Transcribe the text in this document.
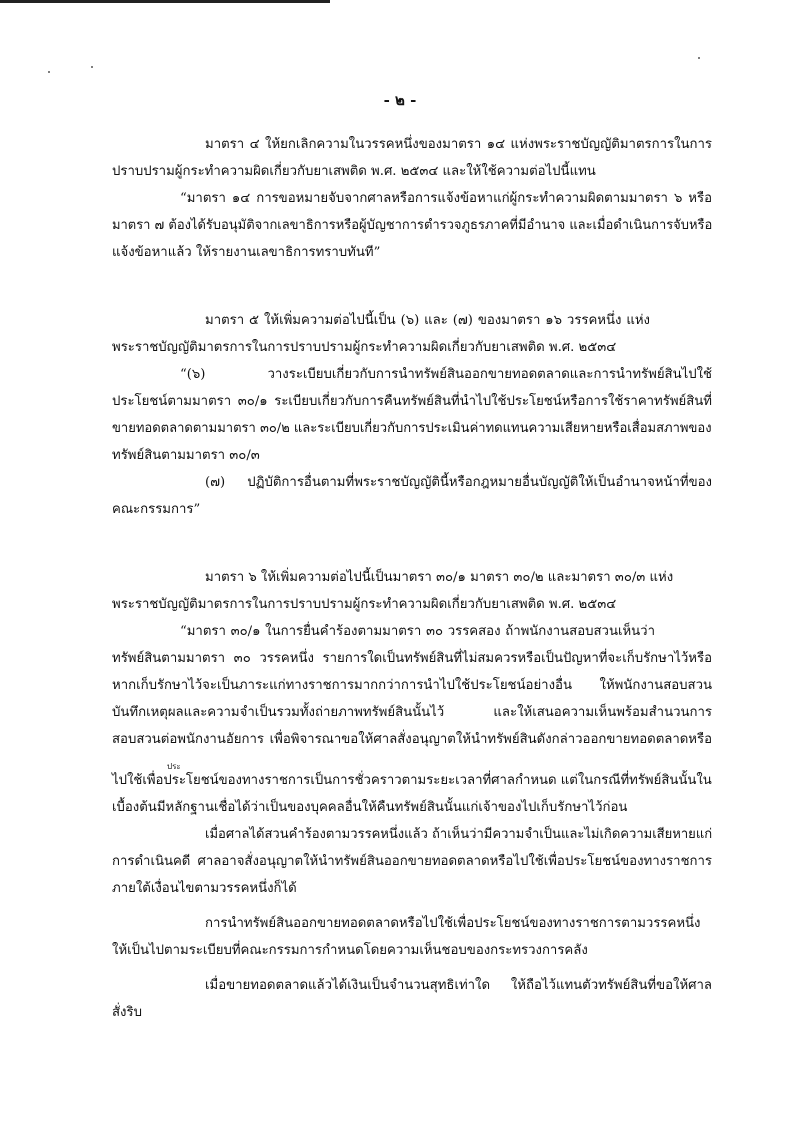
- ๒ -
มาตรา ๔ ให้ยกเลิกความในวรรคหนึ่งของมาตรา ๑๔ แห่งพระราชบัญญัติมาตรการในการ
ปราบปรามผู้กระทำความผิดเกี่ยวกับยาเสพติด พ.ศ. ๒๕๓๔ และให้ใช้ความต่อไปนี้แทน
“มาตรา ๑๔ การขอหมายจับจากศาลหรือการแจ้งข้อหาแก่ผู้กระทำความผิดตามมาตรา ๖ หรือ
มาตรา ๗ ต้องได้รับอนุมัติจากเลขาธิการหรือผู้บัญชาการตำรวจภูธรภาคที่มีอำนาจ และเมื่อดำเนินการจับหรือ
แจ้งข้อหาแล้ว ให้รายงานเลขาธิการทราบทันที”
มาตรา ๕ ให้เพิ่มความต่อไปนี้เป็น (๖) และ (๗) ของมาตรา ๑๖ วรรคหนึ่ง แห่ง
พระราชบัญญัติมาตรการในการปราบปรามผู้กระทำความผิดเกี่ยวกับยาเสพติด พ.ศ. ๒๕๓๔
“(๖) วางระเบียบเกี่ยวกับการนำทรัพย์สินออกขายทอดตลาดและการนำทรัพย์สินไปใช้
ประโยชน์ตามมาตรา ๓๐/๑ ระเบียบเกี่ยวกับการคืนทรัพย์สินที่นำไปใช้ประโยชน์หรือการใช้ราคาทรัพย์สินที่
ขายทอดตลาดตามมาตรา ๓๐/๒ และระเบียบเกี่ยวกับการประเมินค่าทดแทนความเสียหายหรือเสื่อมสภาพของ
ทรัพย์สินตามมาตรา ๓๐/๓
(๗) ปฏิบัติการอื่นตามที่พระราชบัญญัตินี้หรือกฎหมายอื่นบัญญัติให้เป็นอำนาจหน้าที่ของ
คณะกรรมการ”
มาตรา ๖ ให้เพิ่มความต่อไปนี้เป็นมาตรา ๓๐/๑ มาตรา ๓๐/๒ และมาตรา ๓๐/๓ แห่ง
พระราชบัญญัติมาตรการในการปราบปรามผู้กระทำความผิดเกี่ยวกับยาเสพติด พ.ศ. ๒๕๓๔
“มาตรา ๓๐/๑ ในการยื่นคำร้องตามมาตรา ๓๐ วรรคสอง ถ้าพนักงานสอบสวนเห็นว่า
ทรัพย์สินตามมาตรา ๓๐ วรรคหนึ่ง รายการใดเป็นทรัพย์สินที่ไม่สมควรหรือเป็นปัญหาที่จะเก็บรักษาไว้หรือ
หากเก็บรักษาไว้จะเป็นภาระแก่ทางราชการมากกว่าการนำไปใช้ประโยชน์อย่างอื่น ให้พนักงานสอบสวน
บันทึกเหตุผลและความจำเป็นรวมทั้งถ่ายภาพทรัพย์สินนั้นไว้ และให้เสนอความเห็นพร้อมสำนวนการ
สอบสวนต่อพนักงานอัยการ เพื่อพิจารณาขอให้ศาลสั่งอนุญาตให้นำทรัพย์สินดังกล่าวออกขายทอดตลาดหรือ
ประ
ไปใช้เพื่อประโยชน์ของทางราชการเป็นการชั่วคราวตามระยะเวลาที่ศาลกำหนด แต่ในกรณีที่ทรัพย์สินนั้นใน
เบื้องต้นมีหลักฐานเชื่อได้ว่าเป็นของบุคคลอื่นให้คืนทรัพย์สินนั้นแก่เจ้าของไปเก็บรักษาไว้ก่อน
เมื่อศาลได้สวนคำร้องตามวรรคหนึ่งแล้ว ถ้าเห็นว่ามีความจำเป็นและไม่เกิดความเสียหายแก่
การดำเนินคดี ศาลอาจสั่งอนุญาตให้นำทรัพย์สินออกขายทอดตลาดหรือไปใช้เพื่อประโยชน์ของทางราชการ
ภายใต้เงื่อนไขตามวรรคหนึ่งก็ได้
การนำทรัพย์สินออกขายทอดตลาดหรือไปใช้เพื่อประโยชน์ของทางราชการตามวรรคหนึ่ง
ให้เป็นไปตามระเบียบที่คณะกรรมการกำหนดโดยความเห็นชอบของกระทรวงการคลัง
เมื่อขายทอดตลาดแล้วได้เงินเป็นจำนวนสุทธิเท่าใด ให้ถือไว้แทนตัวทรัพย์สินที่ขอให้ศาล
สั่งริบ
